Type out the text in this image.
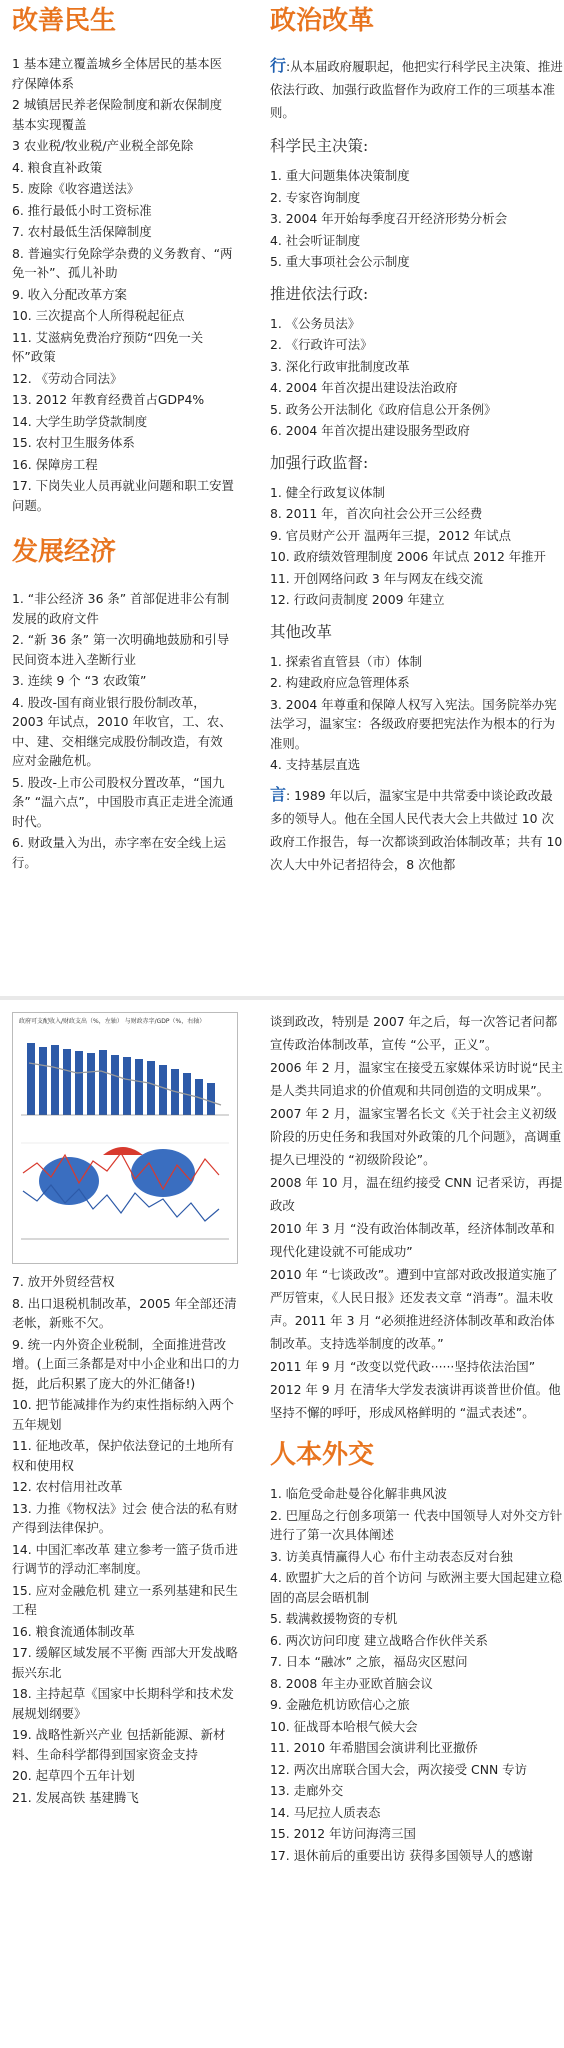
改善民生
1 基本建立覆盖城乡全体居民的基本医疗保障体系
2 城镇居民养老保险制度和新农保制度基本实现覆盖
3 农业税/牧业税/产业税全部免除
4. 粮食直补政策
5. 废除《收容遣送法》
6. 推行最低小时工资标准
7. 农村最低生活保障制度
8. 普遍实行免除学杂费的义务教育、“两免一补”、孤儿补助
9. 收入分配改革方案
10. 三次提高个人所得税起征点
11. 艾滋病免费治疗预防“四免一关怀”政策
12. 《劳动合同法》
13. 2012 年教育经费首占GDP4%
14. 大学生助学贷款制度
15. 农村卫生服务体系
16. 保障房工程
17. 下岗失业人员再就业问题和职工安置问题。
发展经济
1. “非公经济 36 条” 首部促进非公有制发展的政府文件
2. “新 36 条” 第一次明确地鼓励和引导民间资本进入垄断行业
3. 连续 9 个 “3 农政策”
4. 股改-国有商业银行股份制改革，2003 年试点，2010 年收官，工、农、中、建、交相继完成股份制改造，有效应对金融危机。
5. 股改-上市公司股权分置改革，“国九条” “温六点”，中国股市真正走进全流通时代。
6. 财政量入为出，赤字率在安全线上运行。
政治改革
行:从本届政府履职起，他把实行科学民主决策、推进依法行政、加强行政监督作为政府工作的三项基本准则。
科学民主决策:
1. 重大问题集体决策制度
2. 专家咨询制度
3. 2004 年开始每季度召开经济形势分析会
4. 社会听证制度
5. 重大事项社会公示制度
推进依法行政:
1. 《公务员法》
2. 《行政许可法》
3. 深化行政审批制度改革
4. 2004 年首次提出建设法治政府
5. 政务公开法制化《政府信息公开条例》
6. 2004 年首次提出建设服务型政府
加强行政监督:
1. 健全行政复议体制
8. 2011 年，首次向社会公开三公经费
9. 官员财产公开 温两年三提，2012 年试点
10. 政府绩效管理制度 2006 年试点 2012 年推开
11. 开创网络问政 3 年与网友在线交流
12. 行政问责制度 2009 年建立
其他改革
1. 探索省直管县（市）体制
2. 构建政府应急管理体系
3. 2004 年尊重和保障人权写入宪法。国务院举办宪法学习，温家宝：各级政府要把宪法作为根本的行为准则。
4. 支持基层直选
言: 1989 年以后，温家宝是中共常委中谈论政改最多的领导人。他在全国人民代表大会上共做过 10 次政府工作报告，每一次都谈到政治体制改革；共有 10 次人大中外记者招待会，8 次他都
政府可支配收入/财政支出（%，左轴） 与财政赤字/GDP（%，右轴）
7. 放开外贸经营权
8. 出口退税机制改革，2005 年全部还清老帐，新账不欠。
9. 统一内外资企业税制，全面推进营改增。(上面三条都是对中小企业和出口的力挺，此后积累了庞大的外汇储备!)
10. 把节能减排作为约束性指标纳入两个五年规划
11. 征地改革，保护依法登记的土地所有权和使用权
12. 农村信用社改革
13. 力推《物权法》过会 使合法的私有财产得到法律保护。
14. 中国汇率改革 建立参考一篮子货币进行调节的浮动汇率制度。
15. 应对金融危机 建立一系列基建和民生工程
16. 粮食流通体制改革
17. 缓解区域发展不平衡 西部大开发战略 振兴东北
18. 主持起草《国家中长期科学和技术发展规划纲要》
19. 战略性新兴产业 包括新能源、新材料、生命科学都得到国家资金支持
20. 起草四个五年计划
21. 发展高铁 基建腾飞
谈到政改，特别是 2007 年之后，每一次答记者问都宣传政治体制改革，宣传 “公平，正义”。
2006 年 2 月，温家宝在接受五家媒体采访时说“民主是人类共同追求的价值观和共同创造的文明成果”。
2007 年 2 月，温家宝署名长文《关于社会主义初级阶段的历史任务和我国对外政策的几个问题》，高调重提久已埋没的 “初级阶段论”。
2008 年 10 月，温在纽约接受 CNN 记者采访，再提政改
2010 年 3 月 “没有政治体制改革，经济体制改革和现代化建设就不可能成功”
2010 年 “七谈政改”。遭到中宣部对政改报道实施了严厉管束，《人民日报》还发表文章 “消毒”。温未收声。2011 年 3 月 “必须推进经济体制改革和政治体制改革。支持选举制度的改革。”
2011 年 9 月 “改变以党代政······坚持依法治国”
2012 年 9 月 在清华大学发表演讲再谈普世价值。他坚持不懈的呼吁，形成风格鲜明的 “温式表述”。
人本外交
1. 临危受命赴曼谷化解非典风波
2. 巴厘岛之行创多项第一 代表中国领导人对外交方针进行了第一次具体阐述
3. 访美真情赢得人心 布什主动表态反对台独
4. 欧盟扩大之后的首个访问 与欧洲主要大国起建立稳固的高层会晤机制
5. 载满救援物资的专机
6. 两次访问印度 建立战略合作伙伴关系
7. 日本 “融冰” 之旅，福岛灾区慰问
8. 2008 年主办亚欧首脑会议
9. 金融危机访欧信心之旅
10. 征战哥本哈根气候大会
11. 2010 年希腊国会演讲利比亚撤侨
12. 两次出席联合国大会，两次接受 CNN 专访
13. 走廊外交
14. 马尼拉人质表态
15. 2012 年访问海湾三国
17. 退休前后的重要出访 获得多国领导人的感谢
